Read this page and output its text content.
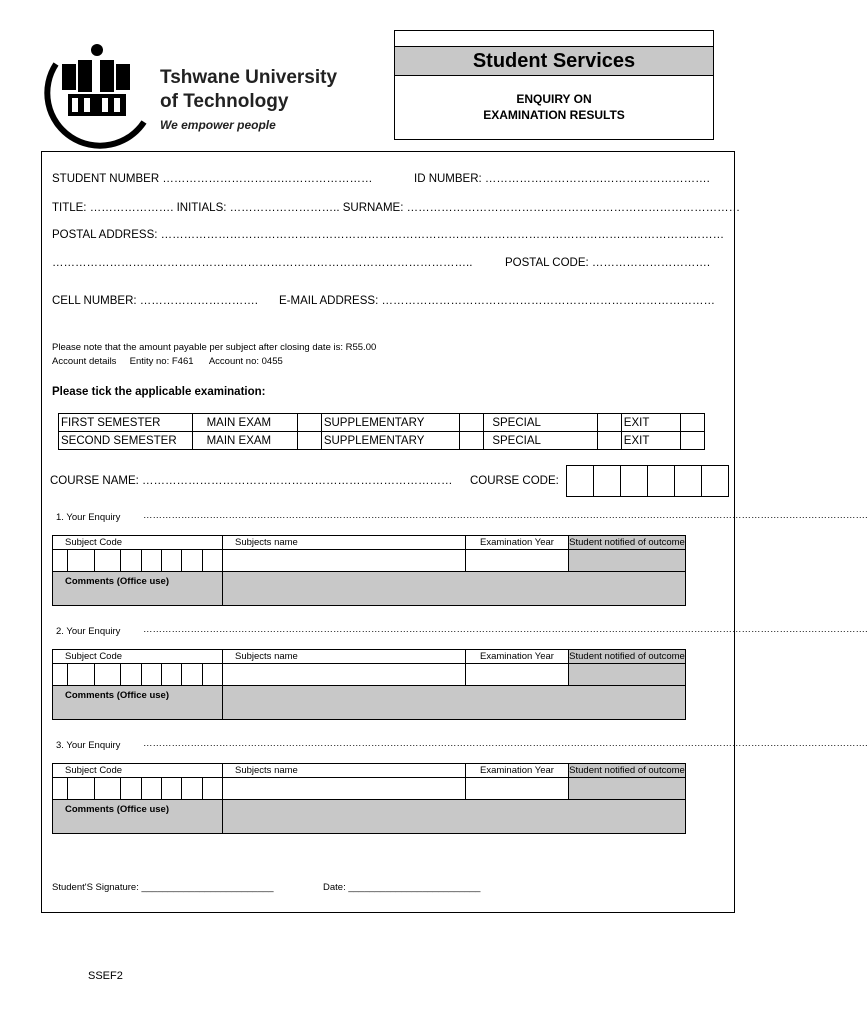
Tshwane University
of Technology
We empower people
Student Services
ENQUIRY ON
EXAMINATION RESULTS
STUDENT NUMBER ………………………….……………………	ID NUMBER: ………………………….……………………….
TITLE: …………………. INITIALS: ……………………….. SURNAME: ……………………………………………………………………………
POSTAL ADDRESS: …………………………………………………………………………………………………………………………………
………………………………………………………………………………………………..	POSTAL CODE: ………………………….
CELL NUMBER: …………………………. E-MAIL ADDRESS: ……………………………………………………………………………
Please note that the amount payable per subject after closing date is: R55.00
Account details     Entity no: F461      Account no: 0455
Please tick the applicable examination:
FIRST SEMESTER	MAIN EXAM		SUPPLEMENTARY		SPECIAL		EXIT	
SECOND SEMESTER	MAIN EXAM		SUPPLEMENTARY		SPECIAL		EXIT	
COURSE NAME: ……………………………………………………………………… COURSE CODE:

1. Your Enquiry ………………………………………………………………………………………………………………………………………………………………………………………………………….
Subject Code								Subjects name	Examination Year	Student notified of outcome

Comments (Office use)										
2. Your Enquiry ………………………………………………………………………………………………………………………………………………………………………………………………………….
Subject Code								Subjects name	Examination Year	Student notified of outcome

Comments (Office use)										
3. Your Enquiry ………………………………………………………………………………………………………………………………………………………………………………………………………….
Subject Code								Subjects name	Examination Year	Student notified of outcome

Comments (Office use)										
Student'S Signature: _________________________	Date: _________________________
SSEF2
